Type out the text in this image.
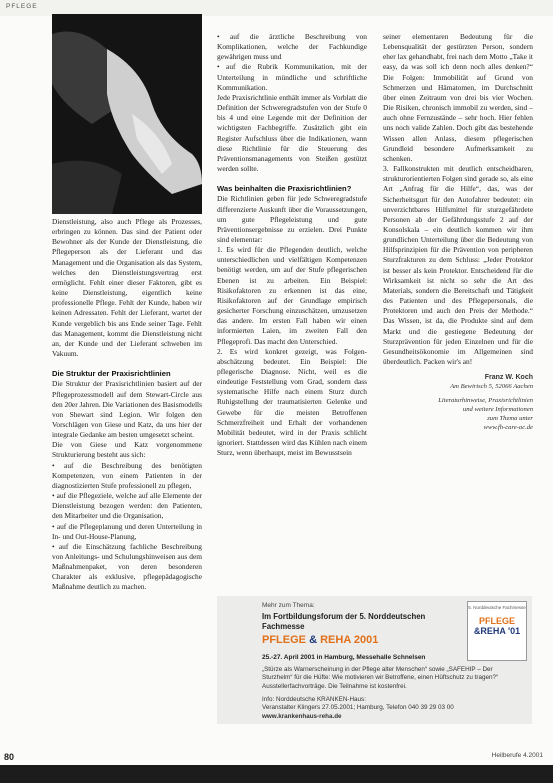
PFLEGE

Dienstleistung, also auch Pflege als Prozesses, erbringen zu können. Das sind der Patient oder Bewohner als der Kunde der Dienstleistung, die Pflegeperson als der Lieferant und das Management und die Organisation als das System, welches den Dienstleistungsvertrag erst ermöglicht. Fehlt einer dieser Faktoren, gibt es keine Dienstleistung, eigentlich keine professionelle Pflege. Fehlt der Kunde, haben wir keinen Adressaten. Fehlt der Lieferant, wartet der Kunde vergeblich bis ans Ende seiner Tage. Fehlt das Management, kommt die Dienstleistung nicht an, der Kunde und der Lieferant schweben im Vakuum.

Die Struktur der Praxisrichtlinien

Die Struktur der Praxisrichtlinien basiert auf der Pflegeprozessmodell auf dem Stewart-Circle aus den 20er Jahren. Die Variationen des Basismodells von Shewart sind Legion. Wir folgen den Vorschlägen von Giese und Katz, da uns hier der integrale Gedanke am besten umgesetzt scheint.

Die von Giese und Katz vorgenommene Strukturierung besteht aus sich:

• auf die Beschreibung des benötigten Kompetenzen, von einem Patienten in der diagnostizierten Stufe professionell zu pflegen,

• auf die Pflegeziele, welche auf alle Elemente der Dienstleistung bezogen werden: den Patienten, den Mitarbeiter und die Organisation,

• auf die Pflegeplanung und deren Unterteilung in In- und Out-House-Planung,

• auf die Einschätzung fachliche Beschreibung von Anleitungs- und Schulungshinweisen aus dem Maßnahmenpaket, von deren besonderen Charakter als exklusive, pflegepädagogische Maßnahme deutlich zu machen.

• auf die ärztliche Beschreibung von Komplikationen, welche der Fachkundige gewährigen muss und

• auf die Rubrik Kommunikation, mit der Unterteilung in mündliche und schriftliche Kommunikation.

Jede Praxisrichtlinie enthält immer als Vorblatt die Definition der Schweregradstufen von der Stufe 0 bis 4 und eine Legende mit der Definition der wichtigsten Fachbegriffe. Zusätzlich gibt ein Register Aufschluss über die Indikationen, wann diese Richtlinie für die Steuerung des Präventionsmanagements von Steißen gestützt werden sollte.

Was beinhalten die Praxisrichtlinien?

Die Richtlinien geben für jede Schweregradstufe differenzierte Auskunft über die Voraussetzungen, um gute Pflegeleistung und gute Präventionsergebnisse zu erzielen. Drei Punkte sind elementar:

1. Es wird für die Pflegenden deutlich, welche unterschiedlichen und vielfältigen Kompetenzen benötigt werden, um auf der Stufe pflegerischen Ebenen ist zu arbeiten. Ein Beispiel: Risikofaktoren zu erkennen ist das eine, Risikofaktoren auf der Grundlage empirisch gesicherter Forschung einzuschätzen, umzusetzen das andere. Im ersten Fall haben wir einen informierten Laien, im zweiten Fall den Pflegeprofi. Das macht den Unterschied.

2. Es wird konkret gezeigt, was Folgen-abschätzung bedeutet. Ein Beispiel: Die pflegerische Diagnose. Nicht, weil es die eindeutige Feststellung vom Grad, sondern dass systematische Hilfe nach einem Sturz durch Ruhigstellung der traumatisierten Gelenke und Gewebe für die meisten Betroffenen Schmerzfreiheit und Erhalt der vorhandenen Mobilität bedeutet, wird in der Praxis schlicht ignoriert. Stattdessen wird das Kühlen nach einem Sturz, wenn überhaupt, meist im Bewusstsein

seiner elementaren Bedeutung für die Lebensqualität der gestürzten Person, sondern eher lax gehandhabt, frei nach dem Motto „Take it easy, da was soll ich denn noch alles denken?“ Die Folgen: Immobilität auf Grund von Schmerzen und Hämatomen, im Durchschnitt über einen Zeitraum von drei bis vier Wochen. Die Risiken, chronisch immobil zu werden, sind – auch ohne Fernzustände – sehr hoch. Hier fehlen uns noch valide Zahlen. Doch gibt das bestehende Wissen allen Anlass, diesem pflegerischen Grundleid besondere Aufmerksamkeit zu schenken.

3. Fallkonstrukten mit deutlich entscheidbaren, strukturorientierten Folgen sind gerade so, als eine Art „Anfrag für die Hilfe“, das, was der Sicherheitsgurt für den Autofahrer bedeutet: ein unverzichtbares Hilfsmittel für sturzgefährdete Personen ab der Gefährdungsstufe 2 auf der Konsolskala – ein deutlich kommen wir ihm grundlichen Unterteilung über die Bedeutung von Hilfsprinzipien für die Prävention von peripheren Sturzfrakturen zu dem Schluss: „Jeder Protektor ist besser als kein Protektor. Entscheidend für die Wirksamkeit ist nicht so sehr die Art des Materials, sondern die Bereitschaft und Tätigkeit des Patienten und des Pflegepersonals, die Protektoren und auch den Preis der Methode.“ Das Wissen, ist da, die Produkte sind auf dem Markt und die gestiegene Bedeutung der Sturzprävention für jeden Einzelnen und für die Gesundheitsökonomie im Allgemeinen sind überdeutlich. Packen wir's an!

Franz W. Koch
Am Bewirtsch 5, 52066 Aachen
Literaturhinweise, Praxisrichtlinien
und weitere Informationen
zum Thema unter
www.fh-care-ac.de
Mehr zum Thema:
Im Fortbildungsforum der 5. Norddeutschen Fachmesse
PFLEGE & REHA 2001
25.-27. April 2001 in Hamburg, Messehalle Schnelsen
„Stürze als Warnerscheinung in der Pflege alter Menschen“ sowie „SAFEHIP – Der Sturzhelm“ für die Hüfte: Wie motivieren wir Betroffene, einen Hüftschutz zu tragen?“ Ausstellerfachvorträge. Die Teilnahme ist kostenfrei.
Info: Norddeutsche KRANKEN-Haus:
Veranstalter Klingers 27.05.2001; Hamburg, Telefon 040 39 29 03 00
www.krankenhaus-reha.de
5. Norddeutsche Fachmesse
PFLEGE
&REHA '01
80	Heilberufe 4.2001
